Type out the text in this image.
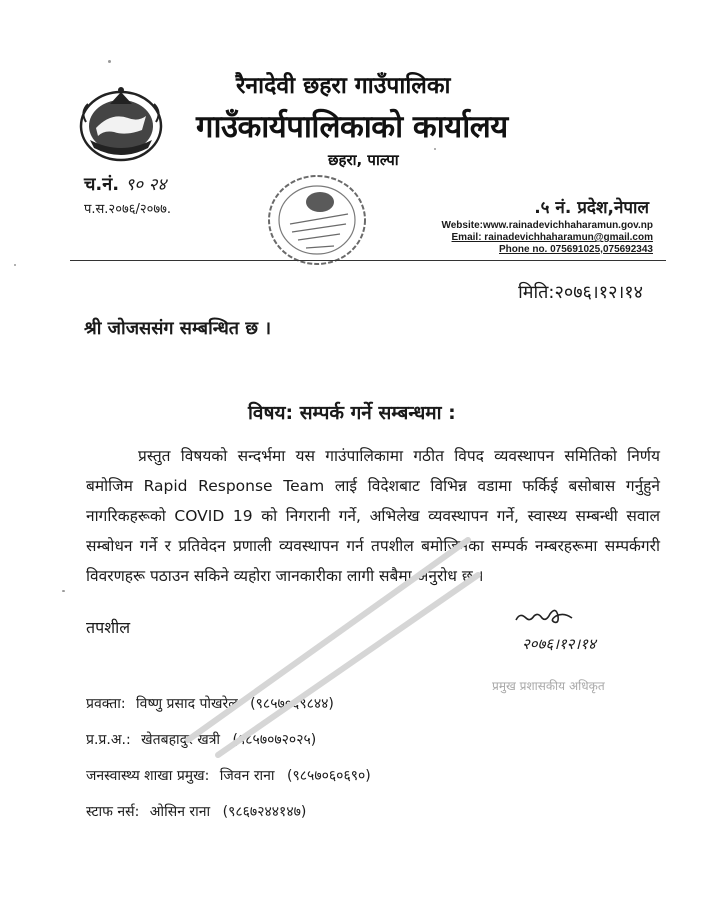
रैनादेवी छहरा गाउँपालिका
गाउँकार्यपालिकाको कार्यालय
छहरा, पाल्पा
च.नं. ९० २४
प.स.२०७६/२०७७.	.५ नं. प्रदेश,नेपाल
Website:www.rainadevichhaharamun.gov.np
Email: rainadevichhaharamun@gmail.com
Phone no. 075691025,075692343
मिति:२०७६।१२।१४
श्री जोजससंग सम्बन्धित छ ।
विषय: सम्पर्क गर्ने सम्बन्धमा :
प्रस्तुत विषयको सन्दर्भमा यस गाउंपालिकामा गठीत विपद व्यवस्थापन समितिको निर्णय बमोजिम Rapid Response Team लाई विदेशबाट विभिन्न वडामा फर्किई बसोबास गर्नुहुने नागरिकहरूको COVID 19 को निगरानी गर्ने, अभिलेख व्यवस्थापन गर्ने, स्वास्थ्य सम्बन्धी सवाल सम्बोधन गर्ने र प्रतिवेदन प्रणाली व्यवस्थापन गर्न तपशील बमोजिमका सम्पर्क नम्बरहरूमा सम्पर्कगरी विवरणहरू पठाउन सकिने व्यहोरा जानकारीका लागी सबैमा अनुरोध छ ।
तपशील
२०७६।१२।१४
प्रमुख प्रशासकीय अधिकृत
प्रवक्ता: विष्णु प्रसाद पोखरेल (९८५७०६९८४४)
प्र.प्र.अ.: खेतबहादुर खत्री (९८५७०७२०२५)
जनस्वास्थ्य शाखा प्रमुख: जिवन राना (९८५७०६०६९०)
स्टाफ नर्स: ओसिन राना (९८६७२४४१४७)
